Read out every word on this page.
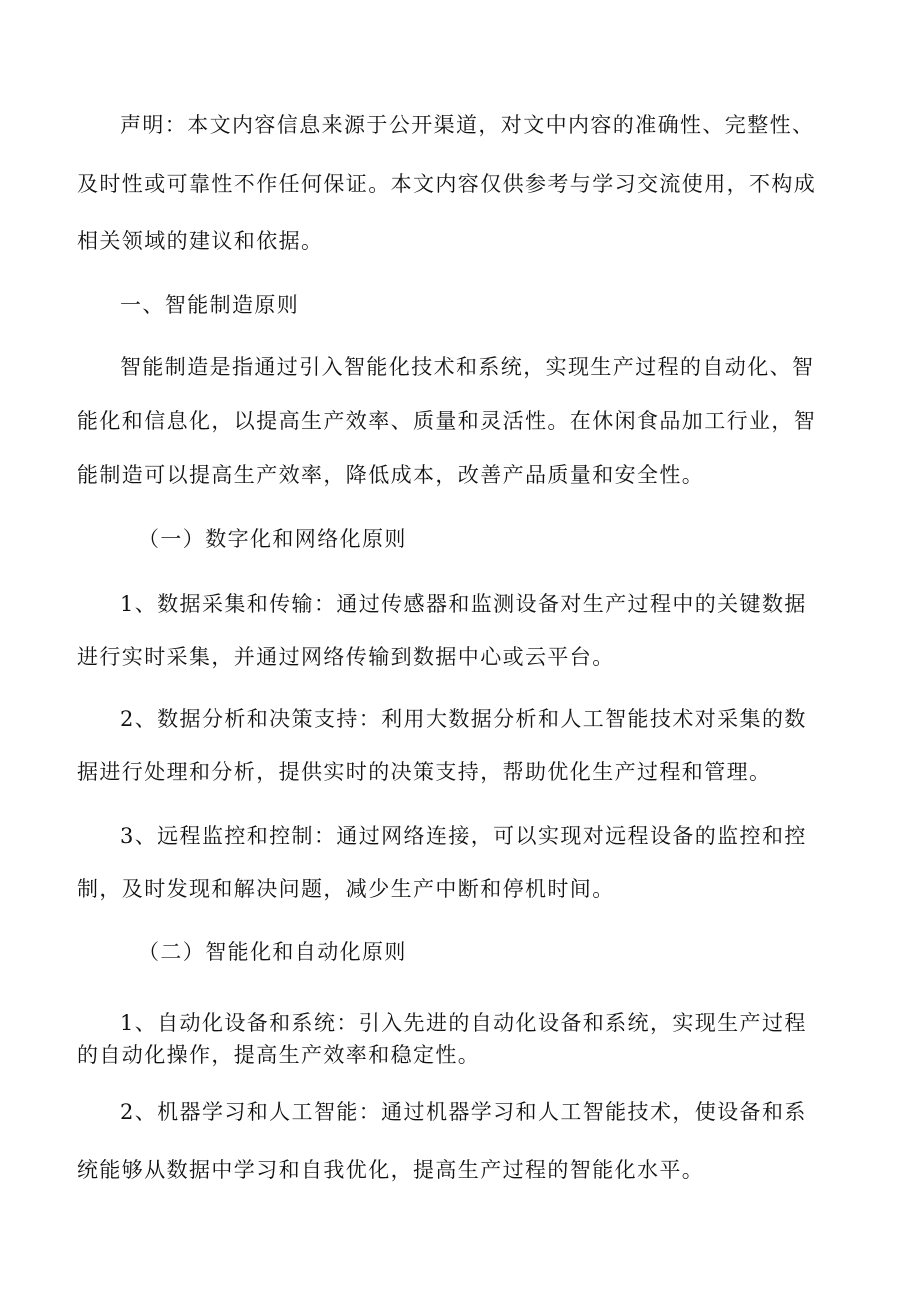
声明：本文内容信息来源于公开渠道，对文中内容的准确性、完整性、
及时性或可靠性不作任何保证。本文内容仅供参考与学习交流使用，不构成
相关领域的建议和依据。
一、智能制造原则
智能制造是指通过引入智能化技术和系统，实现生产过程的自动化、智
能化和信息化，以提高生产效率、质量和灵活性。在休闲食品加工行业，智
能制造可以提高生产效率，降低成本，改善产品质量和安全性。
（一）数字化和网络化原则
1、数据采集和传输：通过传感器和监测设备对生产过程中的关键数据
进行实时采集，并通过网络传输到数据中心或云平台。
2、数据分析和决策支持：利用大数据分析和人工智能技术对采集的数
据进行处理和分析，提供实时的决策支持，帮助优化生产过程和管理。
3、远程监控和控制：通过网络连接，可以实现对远程设备的监控和控
制，及时发现和解决问题，减少生产中断和停机时间。
（二）智能化和自动化原则
1、自动化设备和系统：引入先进的自动化设备和系统，实现生产过程
的自动化操作，提高生产效率和稳定性。
2、机器学习和人工智能：通过机器学习和人工智能技术，使设备和系
统能够从数据中学习和自我优化，提高生产过程的智能化水平。
